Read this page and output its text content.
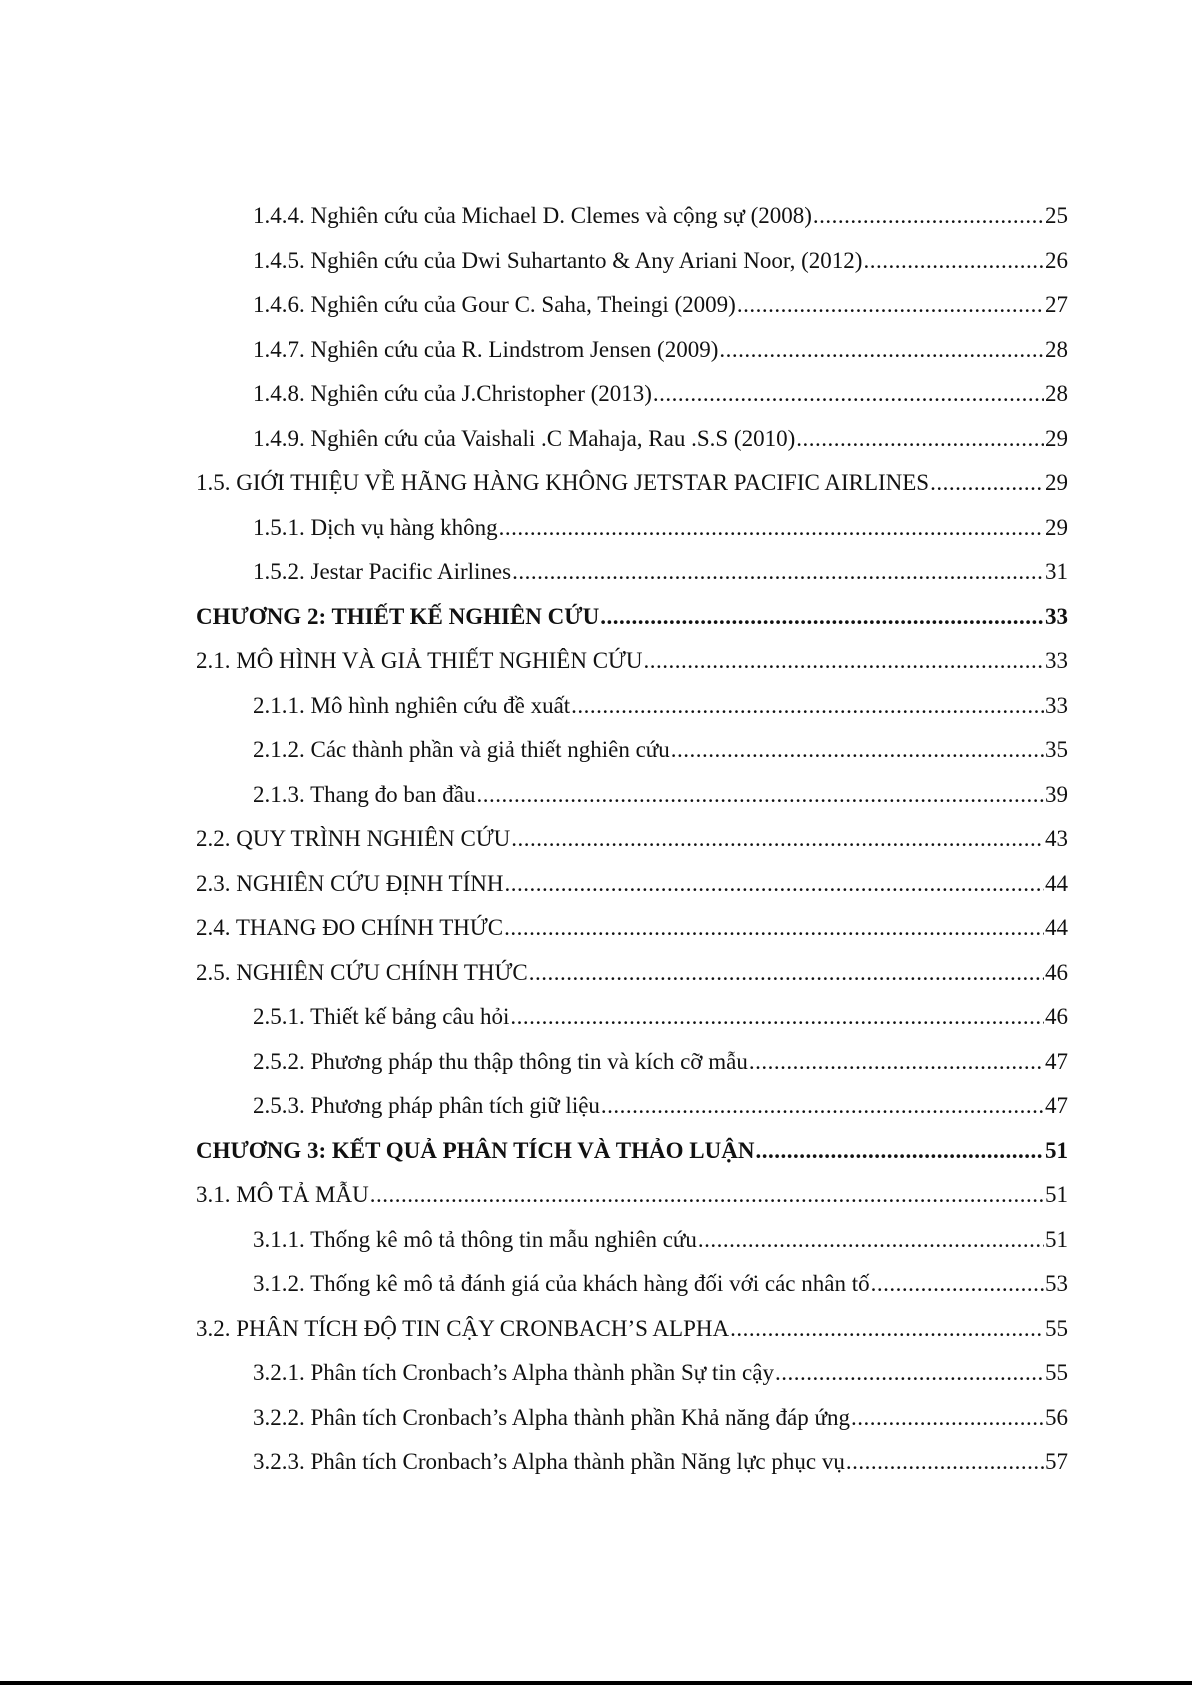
1.4.4. Nghiên cứu của Michael D. Clemes và cộng sự (2008) .....	25
1.4.5. Nghiên cứu của Dwi Suhartanto & Any Ariani Noor, (2012) .....	26
1.4.6. Nghiên cứu của Gour C. Saha, Theingi (2009) .....	27
1.4.7. Nghiên cứu của R. Lindstrom Jensen (2009) .....	28
1.4.8. Nghiên cứu của J.Christopher (2013) .....	28
1.4.9. Nghiên cứu của Vaishali .C Mahaja, Rau .S.S (2010) .....	29
1.5. GIỚI THIỆU VỀ HÃNG HÀNG KHÔNG JETSTAR PACIFIC AIRLINES .....	29
1.5.1. Dịch vụ hàng không .....	29
1.5.2. Jestar Pacific Airlines .....	31
CHƯƠNG 2: THIẾT KẾ NGHIÊN CỨU .....	33
2.1. MÔ HÌNH VÀ GIẢ THIẾT NGHIÊN CỨU .....	33
2.1.1. Mô hình nghiên cứu đề xuất .....	33
2.1.2. Các thành phần và giả thiết nghiên cứu .....	35
2.1.3. Thang đo ban đầu .....	39
2.2. QUY TRÌNH NGHIÊN CỨU .....	43
2.3. NGHIÊN CỨU ĐỊNH TÍNH .....	44
2.4. THANG ĐO CHÍNH THỨC .....	44
2.5. NGHIÊN CỨU CHÍNH THỨC .....	46
2.5.1. Thiết kế bảng câu hỏi .....	46
2.5.2. Phương pháp thu thập thông tin và kích cỡ mẫu .....	47
2.5.3. Phương pháp phân tích giữ liệu .....	47
CHƯƠNG 3: KẾT QUẢ PHÂN TÍCH VÀ THẢO LUẬN .....	51
3.1. MÔ TẢ MẪU .....	51
3.1.1. Thống kê mô tả thông tin mẫu nghiên cứu .....	51
3.1.2. Thống kê mô tả đánh giá của khách hàng đối với các nhân tố .....	53
3.2. PHÂN TÍCH ĐỘ TIN CẬY CRONBACH’S ALPHA .....	55
3.2.1. Phân tích Cronbach’s Alpha thành phần Sự tin cậy .....	55
3.2.2. Phân tích Cronbach’s Alpha thành phần Khả năng đáp ứng .....	56
3.2.3. Phân tích Cronbach’s Alpha thành phần Năng lực phục vụ .....	57
